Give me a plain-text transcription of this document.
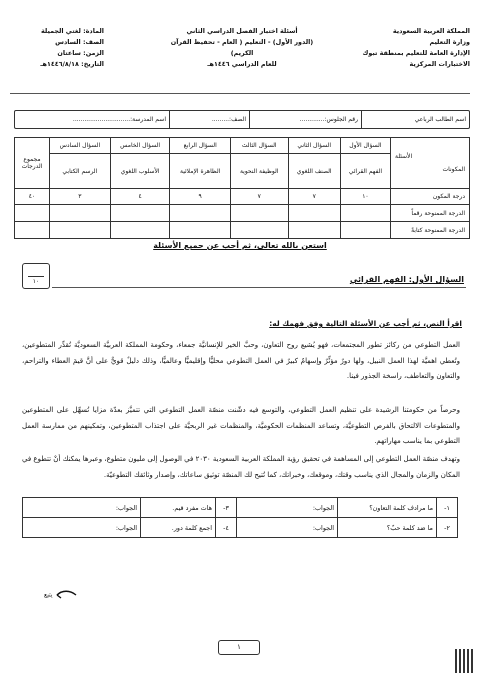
المملكة العربية السعودية
وزارة التعليم
الإدارة العامة للتعليم بمنطقة تبوك
الاختبارات المركزية
أسئلة اختبار الفصل الدراسي الثاني
(الدور الأول) - التعليم ( العام - تحفيظ القرآن الكريم)
للعام الدراسي ١٤٤٦هـ
المادة: لغتي الجميلة
الصف: السادس
الزمن: ساعتان
التاريخ: ١٤٤٦/٨/١٨هـ
اسم الطالب الرباعي
رقم الجلوس:.............
الصف:.........
اسم المدرسة:..............................
الأسئلة
المكونات	السؤال الأول	السؤال الثاني	السؤال الثالث	السؤال الرابع	السؤال الخامس	السؤال السادس	مجموع الدرجات
	الفهم القرائي	الصنف اللغوي	الوظيفة النحوية	الظاهرة الإملائية	الأسلوب اللغوي	الرسم الكتابي	
درجة المكون	١٠	٧	٧	٩	٤	٣	٤٠
الدرجة الممنوحة رقماً							
الدرجة الممنوحة كتابةً							
استعن بالله تعالى، ثم أجب عن جميع الأسئلة
السؤال الأول: الفهم القرائي
١٠
اقرأ النص، ثم أجب عن الأسئلة التالية وفق فهمك له:
العمل التطوعي من ركائز تطور المجتمعات، فهو يُشيع روح التعاون، وحبَّ الخير للإنسانيَّة جمعاء، وحكومة المملكة العربيَّة السعوديَّة تُقدِّر المتطوعين، وتُعطي اهميَّة لهذا العمل النبيل، ولها دورٌ مؤثِّرٌ وإسهامٌ كبيرٌ في العمل التطوعي محليًّا وإقليميًّا وعالميًّا، وذلك دليلٌ قويٌّ على أنَّ قيمَ العطاء والتراحم، والتعاون والتعاطف، راسخة الجذور فينا.
وحرصاً من حكومتنا الرشيدة على تنظيم العمل التطوعي، والتوسع فيه دشّنت منصّة العمل التطوعي التي تتميَّز بعدّة مزايا تُسهِّل على المتطوعين والمتطوعات الالتحاق بالفرص التطوعيَّة، وتساعد المنظمات الحكوميَّة، والمنظمات غير الربحيَّة على اجتذاب المتطوعين، وتمكينهم من ممارسة العمل التطوعي بما يناسب مهاراتهم.
وتهدف منصّة العمل التطوعي إلى المساهمة في تحقيق رؤية المملكة العربية السعودية ٢٠٣٠ في الوصول إلى مليون متطوع، وعبرها يمكنك أنْ تتطوع في المكان والزمان والمجال الذي يناسب وقتك، وموقعك، وخبراتك، كما تُتيح لك المنصّة توثيق ساعاتك، وإصدار وثائقك التطوعيّة.
١-	ما مرادف كلمة التعاون؟	الجواب:	٣-	هات مفرد قيم.	الجواب:
٢-	ما ضد كلمة حبّ؟	الجواب:	٤-	اجمع كلمة دور.	الجواب:
يتبع
١
